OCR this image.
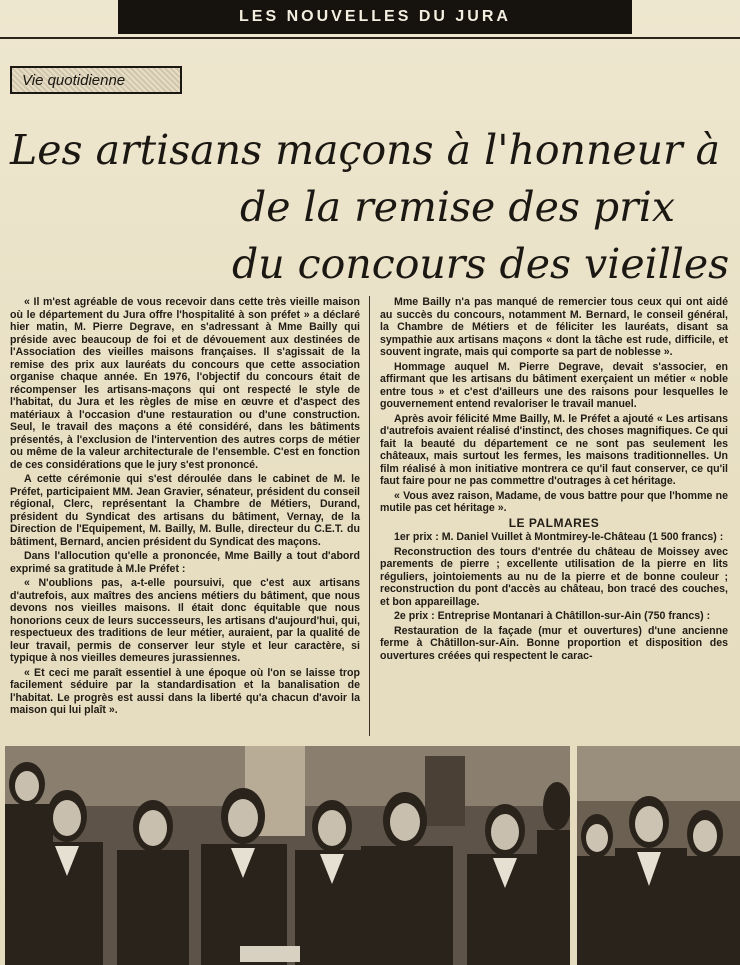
LES NOUVELLES DU JURA
Vie quotidienne
Les artisans maçons à l'honneur à
de la remise des prix
du concours des vieilles

« Il m'est agréable de vous recevoir dans cette très vieille maison où le département du Jura offre l'hospitalité à son préfet » a déclaré hier matin, M. Pierre Degrave, en s'adressant à Mme Bailly qui préside avec beaucoup de foi et de dévouement aux destinées de l'Association des vieilles maisons françaises. Il s'agissait de la remise des prix aux lauréats du concours que cette association organise chaque année. En 1976, l'objectif du concours était de récompenser les artisans-maçons qui ont respecté le style de l'habitat, du Jura et les règles de mise en œuvre et d'aspect des matériaux à l'occasion d'une restauration ou d'une construction. Seul, le travail des maçons a été considéré, dans les bâtiments présentés, à l'exclusion de l'intervention des autres corps de métier ou même de la valeur architecturale de l'ensemble. C'est en fonction de ces considérations que le jury s'est prononcé.

A cette cérémonie qui s'est déroulée dans le cabinet de M. le Préfet, participaient MM. Jean Gravier, sénateur, président du conseil régional, Clerc, représentant la Chambre de Métiers, Durand, président du Syndicat des artisans du bâtiment, Vernay, de la Direction de l'Equipement, M. Bailly, M. Bulle, directeur du C.E.T. du bâtiment, Bernard, ancien président du Syndicat des maçons.

Dans l'allocution qu'elle a prononcée, Mme Bailly a tout d'abord exprimé sa gratitude à M.le Préfet :

« N'oublions pas, a-t-elle poursuivi, que c'est aux artisans d'autrefois, aux maîtres des anciens métiers du bâtiment, que nous devons nos vieilles maisons. Il était donc équitable que nous honorions ceux de leurs successeurs, les artisans d'aujourd'hui, qui, respectueux des traditions de leur métier, auraient, par la qualité de leur travail, permis de conserver leur style et leur caractère, si typique à nos vieilles demeures jurassiennes.

« Et ceci me paraît essentiel à une époque où l'on se laisse trop facilement séduire par la standardisation et la banalisation de l'habitat. Le progrès est aussi dans la liberté qu'a chacun d'avoir la maison qui lui plaît ».

Mme Bailly n'a pas manqué de remercier tous ceux qui ont aidé au succès du concours, notamment M. Bernard, le conseil général, la Chambre de Métiers et de féliciter les lauréats, disant sa sympathie aux artisans maçons « dont la tâche est rude, difficile, et souvent ingrate, mais qui comporte sa part de noblesse ».

Hommage auquel M. Pierre Degrave, devait s'associer, en affirmant que les artisans du bâtiment exerçaient un métier « noble entre tous » et c'est d'ailleurs une des raisons pour lesquelles le gouvernement entend revaloriser le travail manuel.

Après avoir félicité Mme Bailly, M. le Préfet a ajouté « Les artisans d'autrefois avaient réalisé d'instinct, des choses magnifiques. Ce qui fait la beauté du département ce ne sont pas seulement les châteaux, mais surtout les fermes, les maisons traditionnelles. Un film réalisé à mon initiative montrera ce qu'il faut conserver, ce qu'il faut faire pour ne pas commettre d'outrages à cet héritage.

« Vous avez raison, Madame, de vous battre pour que l'homme ne mutile pas cet héritage ».

LE PALMARES

1er prix : M. Daniel Vuillet à Montmirey-le-Château (1 500 francs) :

Reconstruction des tours d'entrée du château de Moissey avec parements de pierre ; excellente utilisation de la pierre en lits réguliers, jointoiements au nu de la pierre et de bonne couleur ; reconstruction du pont d'accès au château, bon tracé des couches, et bon appareillage.

2e prix : Entreprise Montanari à Châtillon-sur-Ain (750 francs) :

Restauration de la façade (mur et ouvertures) d'une ancienne ferme à Châtillon-sur-Ain. Bonne proportion et disposition des ouvertures créées qui respectent le carac-
